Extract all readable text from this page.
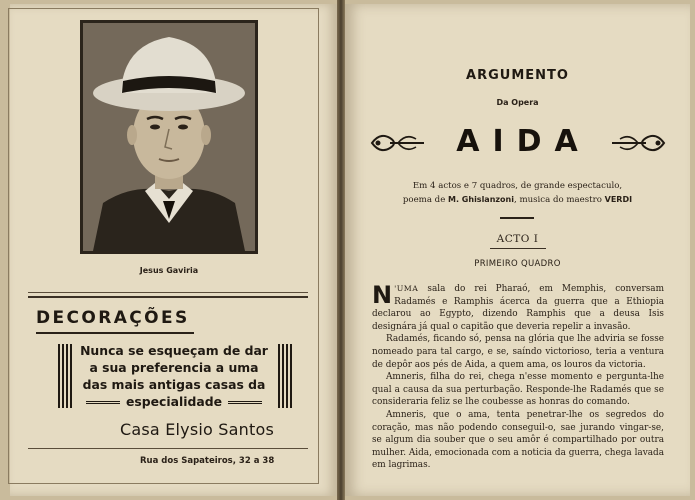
Jesus Gaviria
DECORAÇÕES
Nunca se esqueçam de dar
a sua preferencia a uma
das mais antigas casas da
especialidade
Casa Elysio Santos
Rua dos Sapateiros, 32 a 38
ARGUMENTO
Da Opera
AIDA
Em 4 actos e 7 quadros, de grande espectaculo,
poema de M. Ghislanzoni, musica do maestro VERDI
ACTO I
PRIMEIRO QUADRO

N 'UMA sala do rei Pharaó, em Memphis, conversam Radamés e Ramphis ácerca da guerra que a Ethiopia declarou ao Egypto, dizendo Ramphis que a deusa Isis designára já qual o capitão que deveria repelir a invasão.

Radamés, ficando só, pensa na glória que lhe adviria se fosse nomeado para tal cargo, e se, saíndo victorioso, teria a ventura de depôr aos pés de Aida, a quem ama, os louros da victoria.

Amneris, filha do rei, chega n'esse momento e pergunta-lhe qual a causa da sua perturbação. Responde-lhe Radamés que se consideraria feliz se lhe coubesse as honras do comando.

Amneris, que o ama, tenta penetrar-lhe os segredos do coração, mas não podendo conseguil-o, sae jurando vingar-se, se algum dia souber que o seu amôr é compartilhado por outra mulher. Aida, emocionada com a noticia da guerra, chega lavada em lagrimas.
